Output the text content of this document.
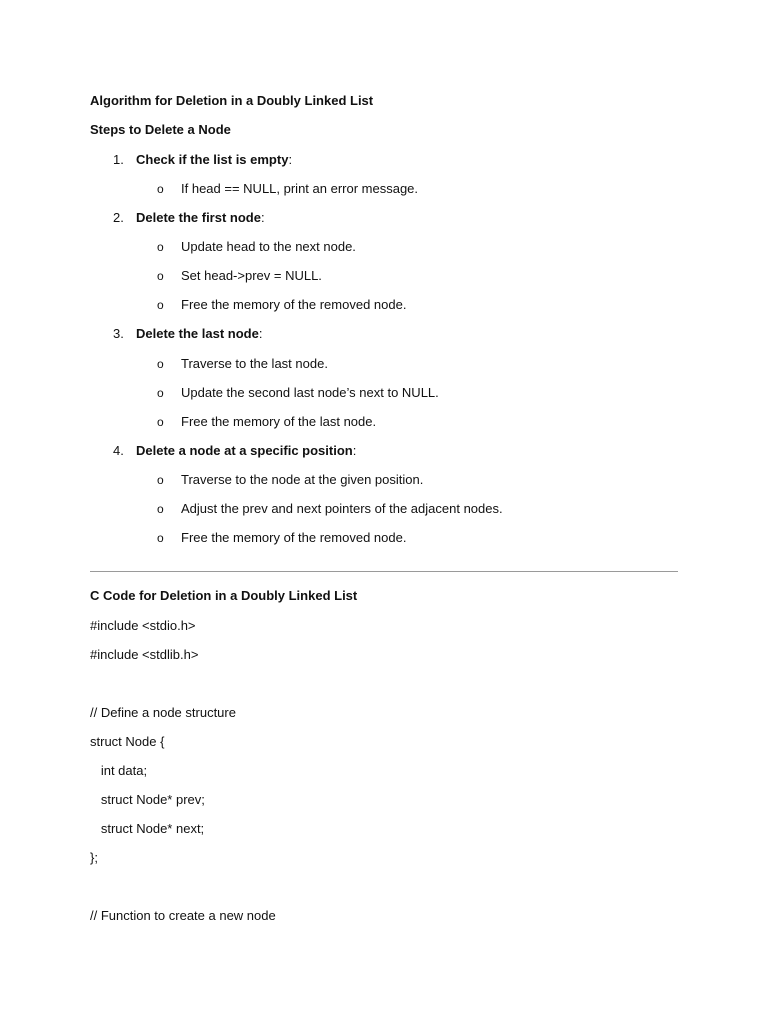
Algorithm for Deletion in a Doubly Linked List
Steps to Delete a Node
1. Check if the list is empty:
o If head == NULL, print an error message.
2. Delete the first node:
o Update head to the next node.
o Set head->prev = NULL.
o Free the memory of the removed node.
3. Delete the last node:
o Traverse to the last node.
o Update the second last node’s next to NULL.
o Free the memory of the last node.
4. Delete a node at a specific position:
o Traverse to the node at the given position.
o Adjust the prev and next pointers of the adjacent nodes.
o Free the memory of the removed node.
C Code for Deletion in a Doubly Linked List
#include <stdio.h>
#include <stdlib.h>
// Define a node structure
struct Node {
int data;
struct Node* prev;
struct Node* next;
};
// Function to create a new node
